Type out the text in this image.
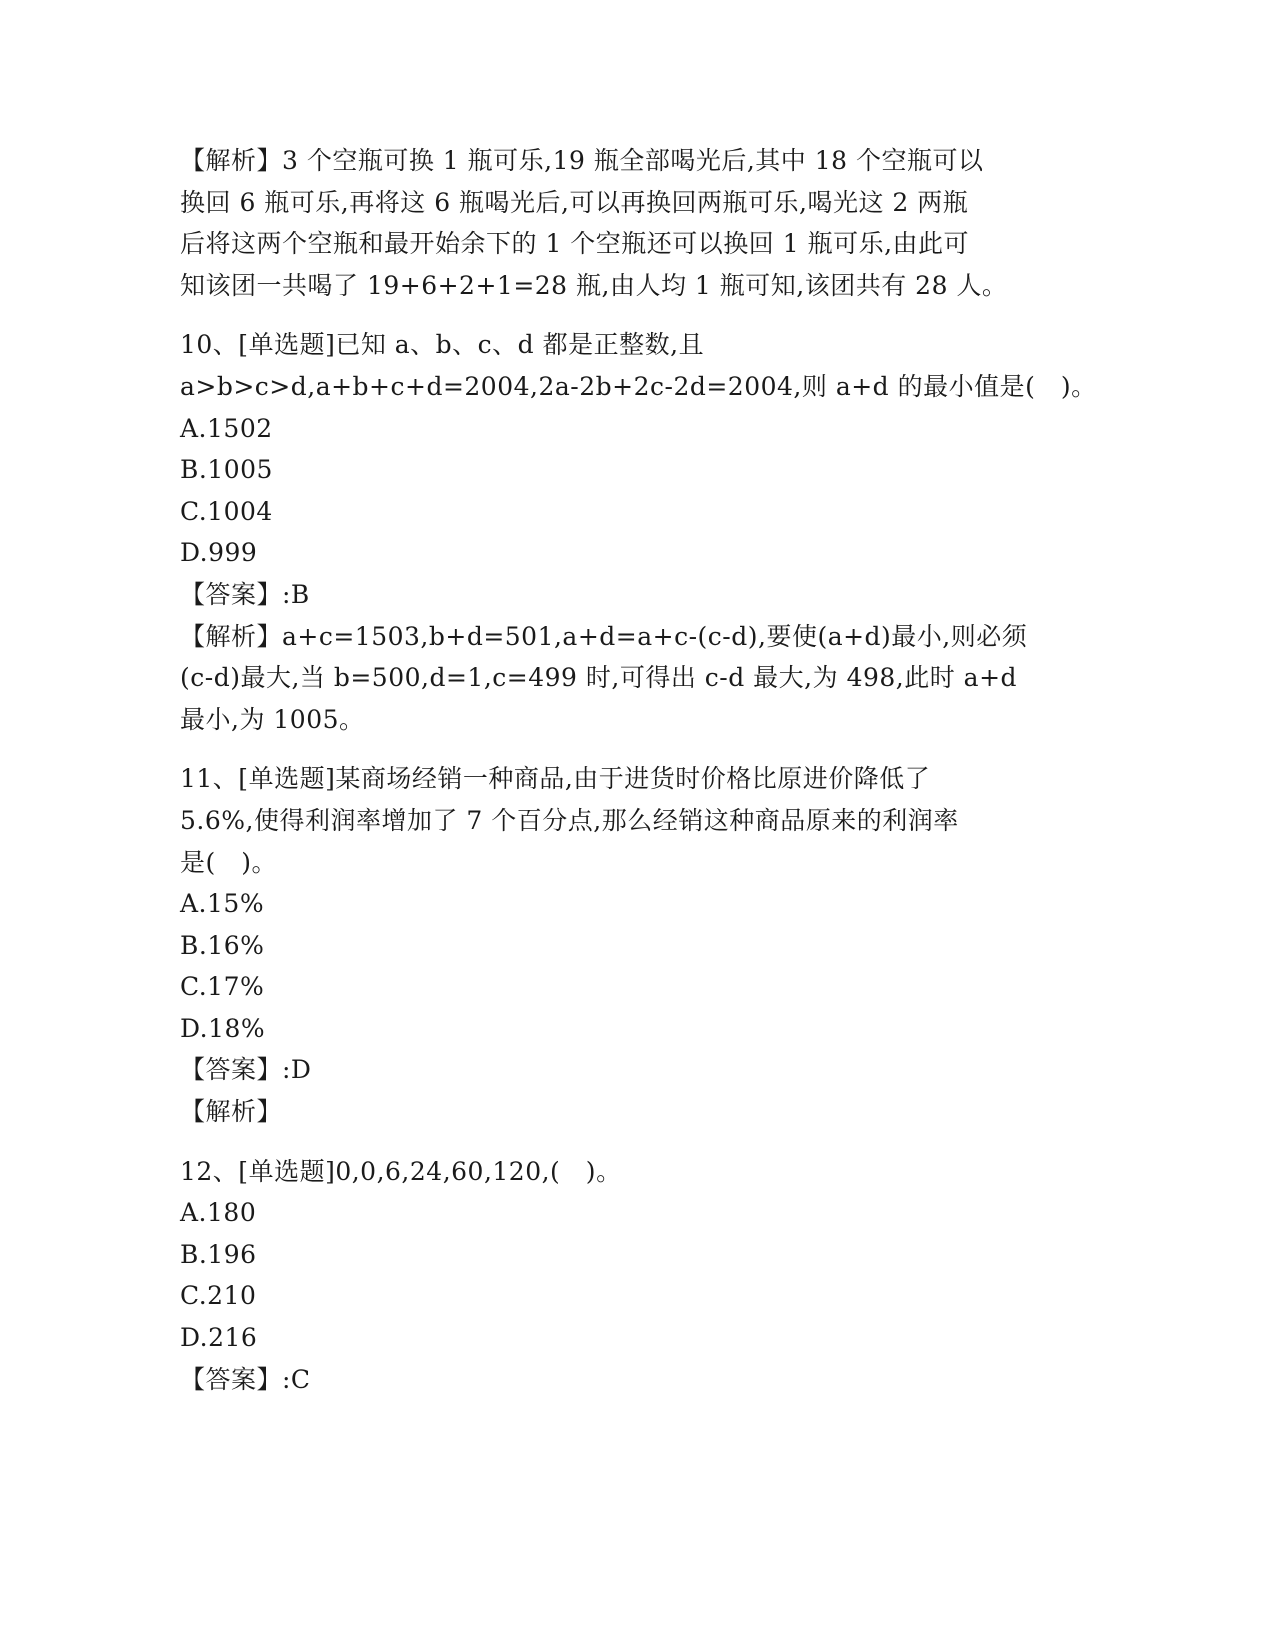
【解析】3 个空瓶可换 1 瓶可乐,19 瓶全部喝光后,其中 18 个空瓶可以
换回 6 瓶可乐,再将这 6 瓶喝光后,可以再换回两瓶可乐,喝光这 2 两瓶
后将这两个空瓶和最开始余下的 1 个空瓶还可以换回 1 瓶可乐,由此可
知该团一共喝了 19+6+2+1=28 瓶,由人均 1 瓶可知,该团共有 28 人。
10、[单选题]已知 a、b、c、d 都是正整数,且
a>b>c>d,a+b+c+d=2004,2a-2b+2c-2d=2004,则 a+d 的最小值是(　)。
A.1502
B.1005
C.1004
D.999
【答案】:B
【解析】a+c=1503,b+d=501,a+d=a+c-(c-d),要使(a+d)最小,则必须
(c-d)最大,当 b=500,d=1,c=499 时,可得出 c-d 最大,为 498,此时 a+d
最小,为 1005。
11、[单选题]某商场经销一种商品,由于进货时价格比原进价降低了
5.6%,使得利润率增加了 7 个百分点,那么经销这种商品原来的利润率
是(　)。
A.15%
B.16%
C.17%
D.18%
【答案】:D
【解析】
12、[单选题]0,0,6,24,60,120,(　)。
A.180
B.196
C.210
D.216
【答案】:C
